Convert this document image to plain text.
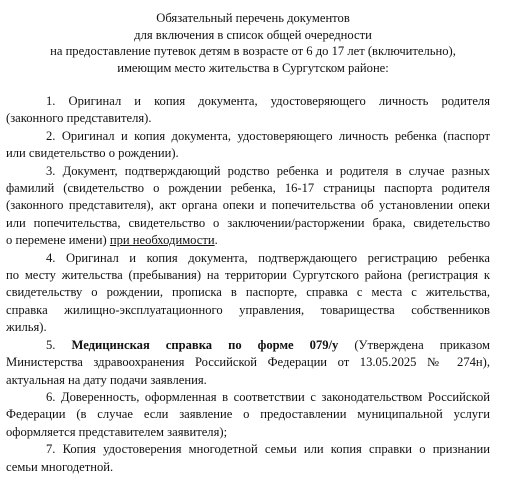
Обязательный перечень документов
для включения в список общей очередности
на предоставление путевок детям в возрасте от 6 до 17 лет (включительно),
имеющим место жительства в Сургутском районе:
1. Оригинал и копия документа, удостоверяющего личность родителя
(законного представителя).
2. Оригинал и копия документа, удостоверяющего личность ребенка (паспорт
или свидетельство о рождении).
3. Документ, подтверждающий родство ребенка и родителя в случае разных
фамилий (свидетельство о рождении ребенка, 16-17 страницы паспорта родителя
(законного представителя), акт органа опеки и попечительства об установлении опеки
или попечительства, свидетельство о заключении/расторжении брака, свидетельство
о перемене имени) при необходимости.
4. Оригинал и копия документа, подтверждающего регистрацию ребенка
по месту жительства (пребывания) на территории Сургутского района (регистрация к
свидетельству о рождении, прописка в паспорте, справка с места с жительства,
справка жилищно-эксплуатационного управления, товарищества собственников
жилья).
5. Медицинская справка по форме 079/у (Утверждена приказом
Министерства здравоохранения Российской Федерации от 13.05.2025 № 274н),
актуальная на дату подачи заявления.
6. Доверенность, оформленная в соответствии с законодательством Российской
Федерации (в случае если заявление о предоставлении муниципальной услуги
оформляется представителем заявителя);
7. Копия удостоверения многодетной семьи или копия справки о признании
семьи многодетной.
